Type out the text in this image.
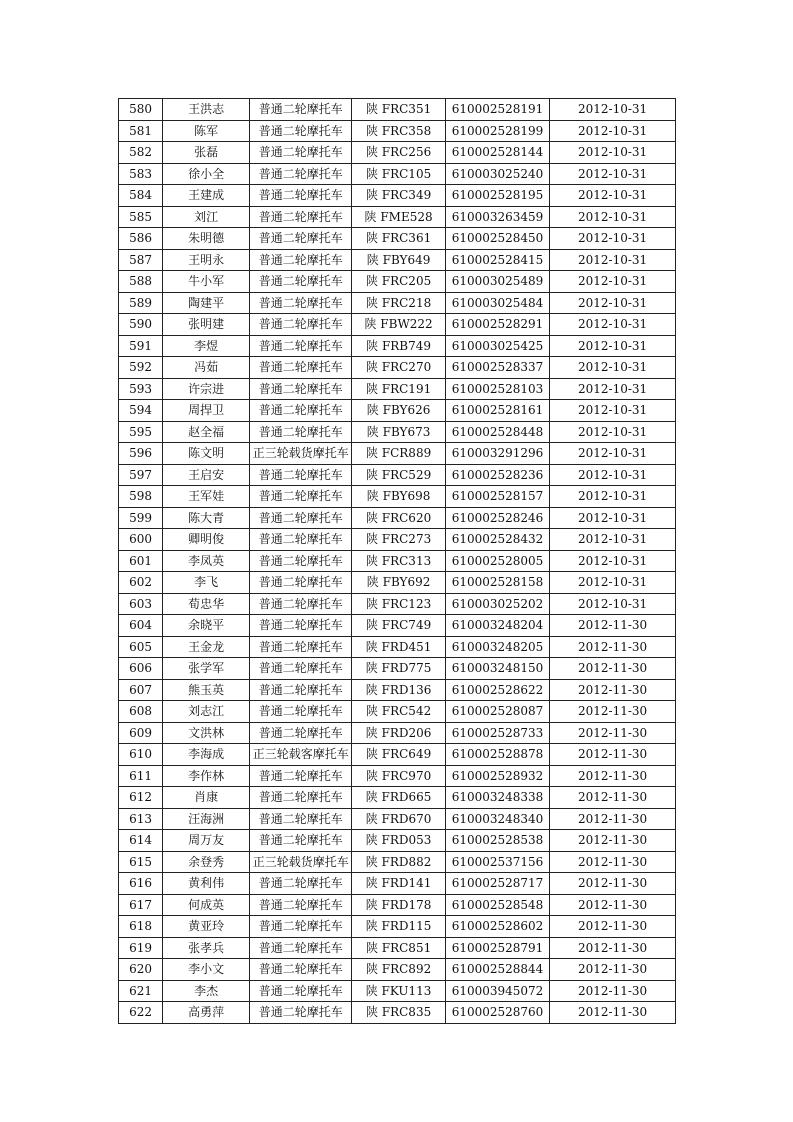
580	王洪志	普通二轮摩托车	陕 FRC351	610002528191	2012-10-31
581	陈军	普通二轮摩托车	陕 FRC358	610002528199	2012-10-31
582	张磊	普通二轮摩托车	陕 FRC256	610002528144	2012-10-31
583	徐小全	普通二轮摩托车	陕 FRC105	610003025240	2012-10-31
584	王建成	普通二轮摩托车	陕 FRC349	610002528195	2012-10-31
585	刘江	普通二轮摩托车	陕 FME528	610003263459	2012-10-31
586	朱明德	普通二轮摩托车	陕 FRC361	610002528450	2012-10-31
587	王明永	普通二轮摩托车	陕 FBY649	610002528415	2012-10-31
588	牛小军	普通二轮摩托车	陕 FRC205	610003025489	2012-10-31
589	陶建平	普通二轮摩托车	陕 FRC218	610003025484	2012-10-31
590	张明建	普通二轮摩托车	陕 FBW222	610002528291	2012-10-31
591	李煜	普通二轮摩托车	陕 FRB749	610003025425	2012-10-31
592	冯茹	普通二轮摩托车	陕 FRC270	610002528337	2012-10-31
593	许宗进	普通二轮摩托车	陕 FRC191	610002528103	2012-10-31
594	周捍卫	普通二轮摩托车	陕 FBY626	610002528161	2012-10-31
595	赵全福	普通二轮摩托车	陕 FBY673	610002528448	2012-10-31
596	陈文明	正三轮载货摩托车	陕 FCR889	610003291296	2012-10-31
597	王启安	普通二轮摩托车	陕 FRC529	610002528236	2012-10-31
598	王军娃	普通二轮摩托车	陕 FBY698	610002528157	2012-10-31
599	陈大青	普通二轮摩托车	陕 FRC620	610002528246	2012-10-31
600	卿明俊	普通二轮摩托车	陕 FRC273	610002528432	2012-10-31
601	李凤英	普通二轮摩托车	陕 FRC313	610002528005	2012-10-31
602	李飞	普通二轮摩托车	陕 FBY692	610002528158	2012-10-31
603	荀忠华	普通二轮摩托车	陕 FRC123	610003025202	2012-10-31
604	余晓平	普通二轮摩托车	陕 FRC749	610003248204	2012-11-30
605	王金龙	普通二轮摩托车	陕 FRD451	610003248205	2012-11-30
606	张学军	普通二轮摩托车	陕 FRD775	610003248150	2012-11-30
607	熊玉英	普通二轮摩托车	陕 FRD136	610002528622	2012-11-30
608	刘志江	普通二轮摩托车	陕 FRC542	610002528087	2012-11-30
609	文洪林	普通二轮摩托车	陕 FRD206	610002528733	2012-11-30
610	李海成	正三轮载客摩托车	陕 FRC649	610002528878	2012-11-30
611	李作林	普通二轮摩托车	陕 FRC970	610002528932	2012-11-30
612	肖康	普通二轮摩托车	陕 FRD665	610003248338	2012-11-30
613	汪海洲	普通二轮摩托车	陕 FRD670	610003248340	2012-11-30
614	周万友	普通二轮摩托车	陕 FRD053	610002528538	2012-11-30
615	余登秀	正三轮载货摩托车	陕 FRD882	610002537156	2012-11-30
616	黄利伟	普通二轮摩托车	陕 FRD141	610002528717	2012-11-30
617	何成英	普通二轮摩托车	陕 FRD178	610002528548	2012-11-30
618	黄亚玲	普通二轮摩托车	陕 FRD115	610002528602	2012-11-30
619	张孝兵	普通二轮摩托车	陕 FRC851	610002528791	2012-11-30
620	李小文	普通二轮摩托车	陕 FRC892	610002528844	2012-11-30
621	李杰	普通二轮摩托车	陕 FKU113	610003945072	2012-11-30
622	高勇萍	普通二轮摩托车	陕 FRC835	610002528760	2012-11-30
